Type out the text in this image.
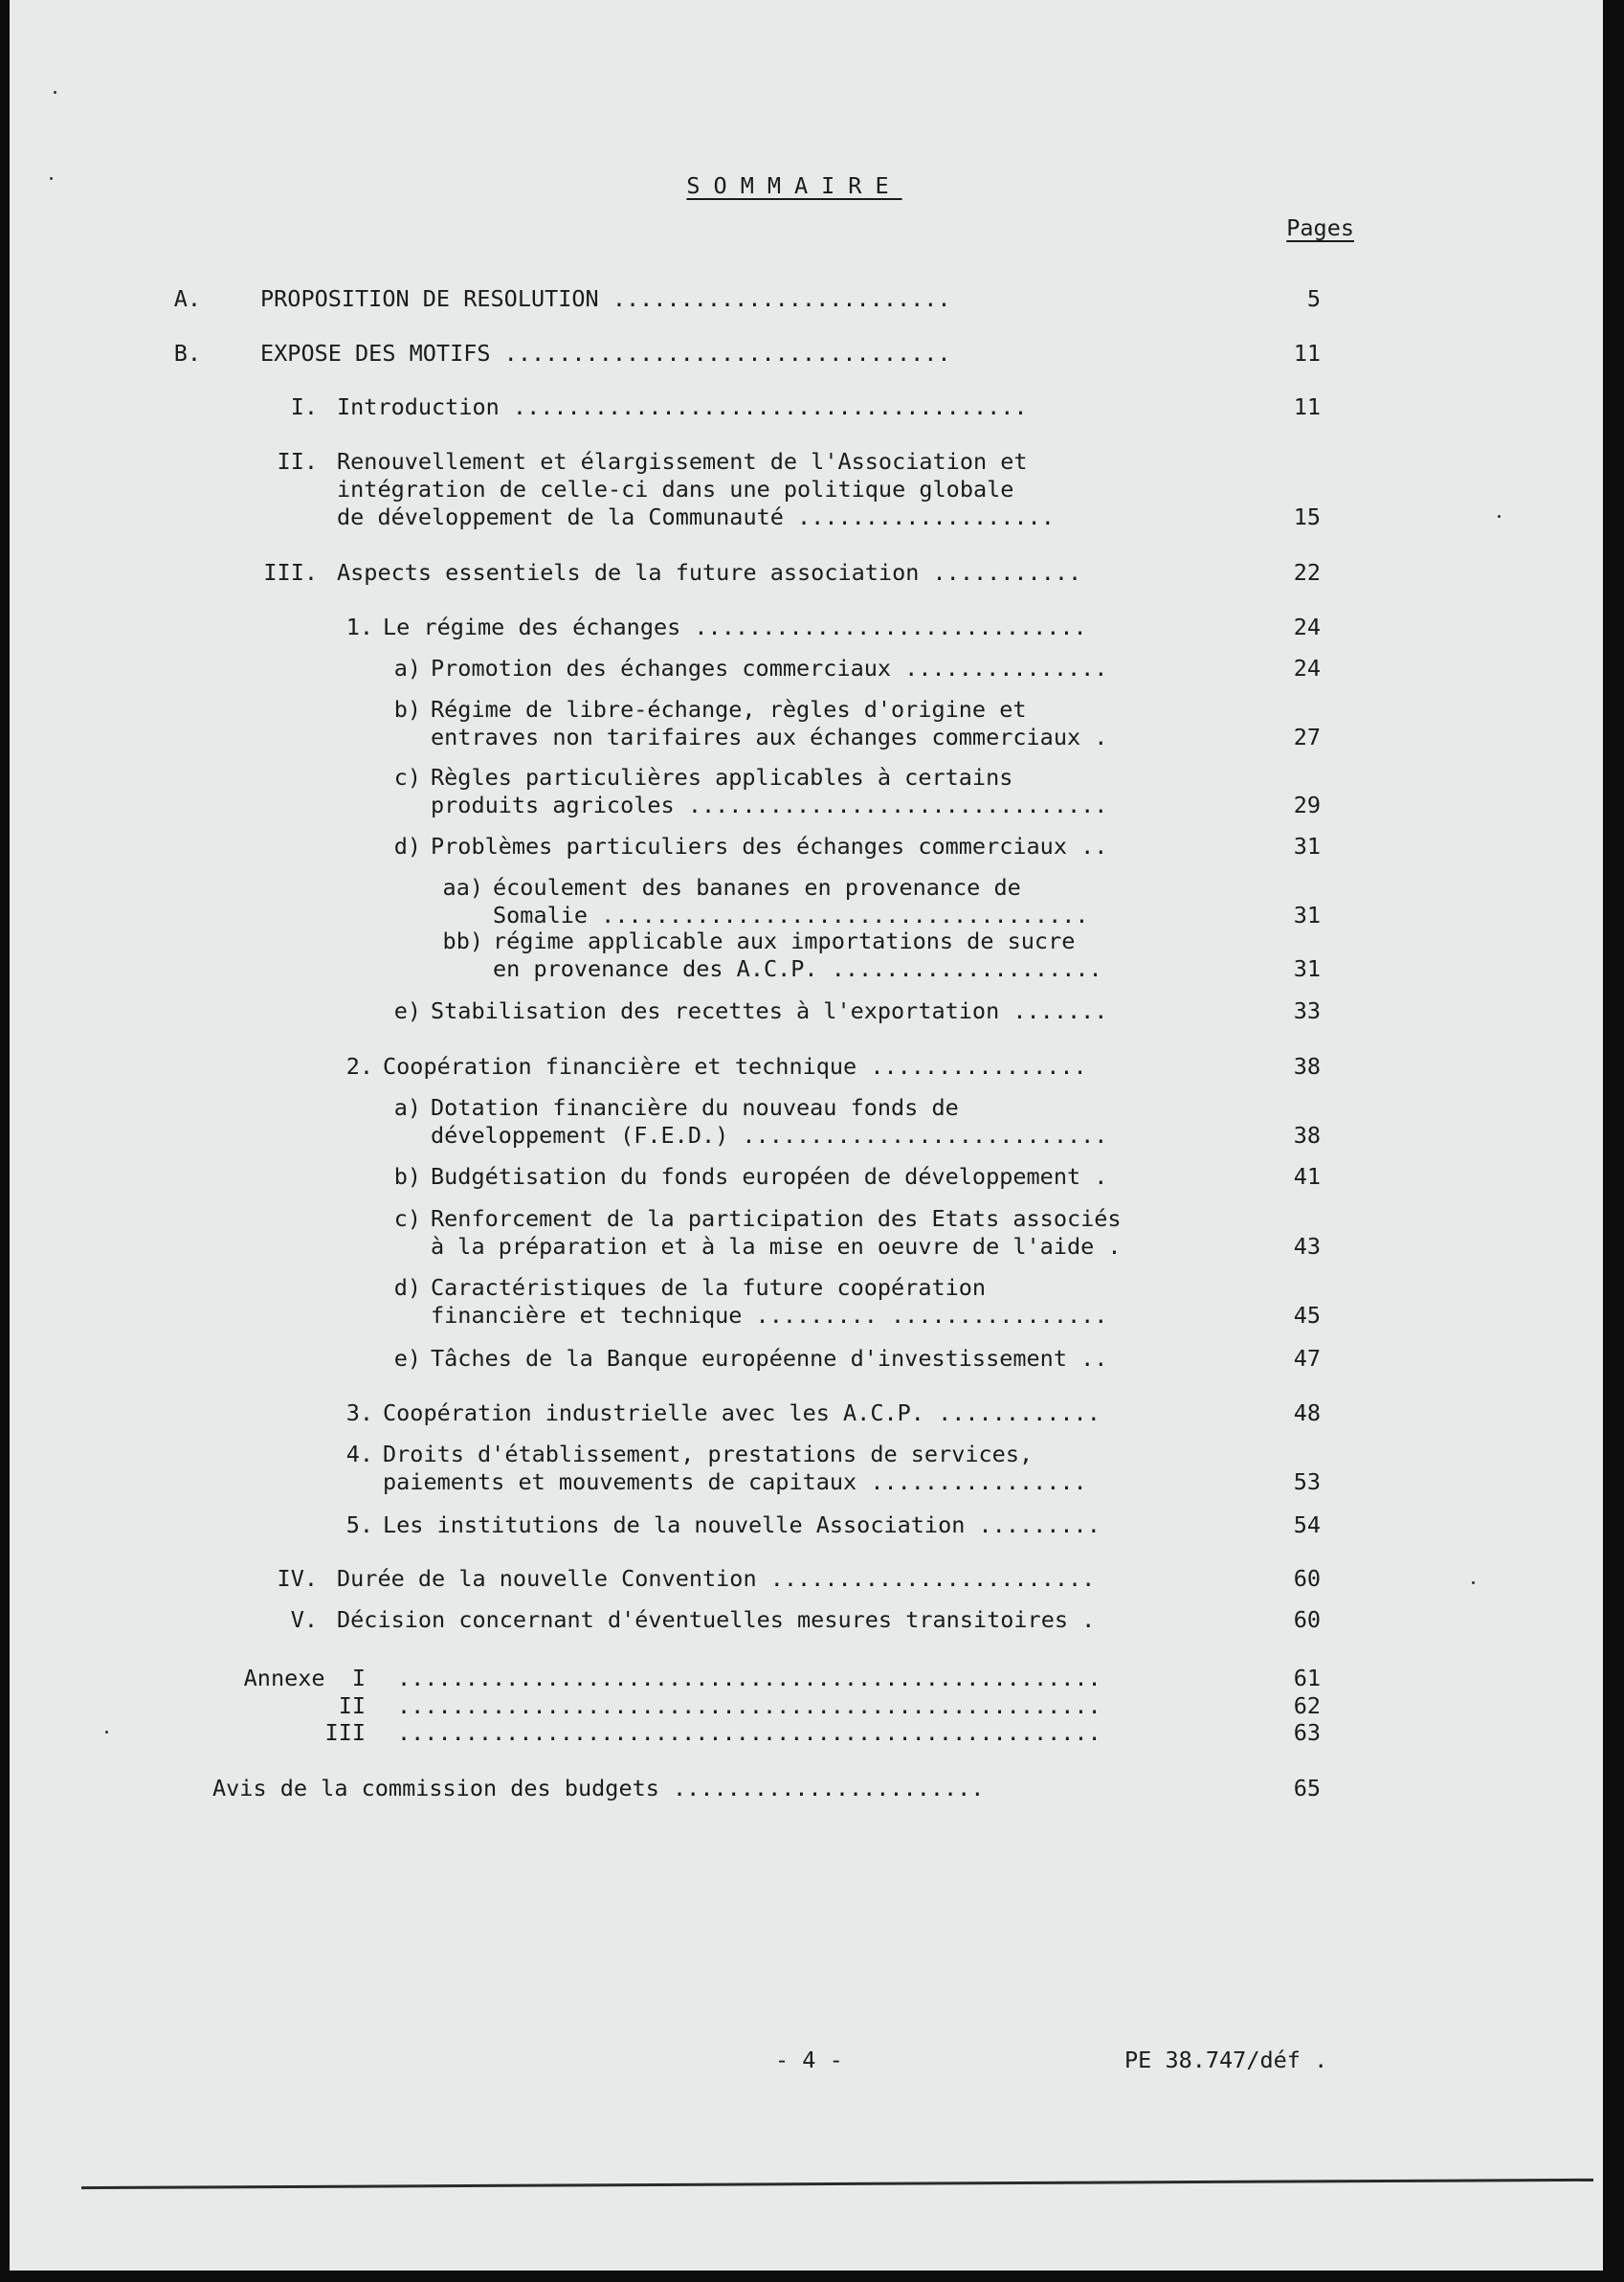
SOMMAIRE
Pages
A.	PROPOSITION DE RESOLUTION .........................	5
B.	EXPOSE DES MOTIFS .................................	11
I. Introduction ......................................	11
II. Renouvellement et élargissement de l'Association et
intégration de celle-ci dans une politique globale
de développement de la Communauté ...................	15
III. Aspects essentiels de la future association ...........	22
1. Le régime des échanges .............................	24
a) Promotion des échanges commerciaux ...............	24
b) Régime de libre-échange, règles d'origine et
entraves non tarifaires aux échanges commerciaux .	27
c) Règles particulières applicables à certains
produits agricoles ...............................	29
d) Problèmes particuliers des échanges commerciaux ..	31
aa) écoulement des bananes en provenance de
Somalie ....................................	31
bb) régime applicable aux importations de sucre
en provenance des A.C.P. ....................	31
e) Stabilisation des recettes à l'exportation .......	33
2. Coopération financière et technique ................	38
a) Dotation financière du nouveau fonds de
développement (F.E.D.) ...........................	38
b) Budgétisation du fonds européen de développement .	41
c) Renforcement de la participation des Etats associés
à la préparation et à la mise en oeuvre de l'aide .	43
d) Caractéristiques de la future coopération
financière et technique ......... ................	45
e) Tâches de la Banque européenne d'investissement ..	47
3. Coopération industrielle avec les A.C.P. ............	48
4. Droits d'établissement, prestations de services,
paiements et mouvements de capitaux ................	53
5. Les institutions de la nouvelle Association .........	54
IV. Durée de la nouvelle Convention ........................	60
V. Décision concernant d'éventuelles mesures transitoires .	60
Annexe  I ....................................................	61
II ....................................................	62
III ....................................................	63
Avis de la commission des budgets .......................	65
- 4 -	PE 38.747/déf .
